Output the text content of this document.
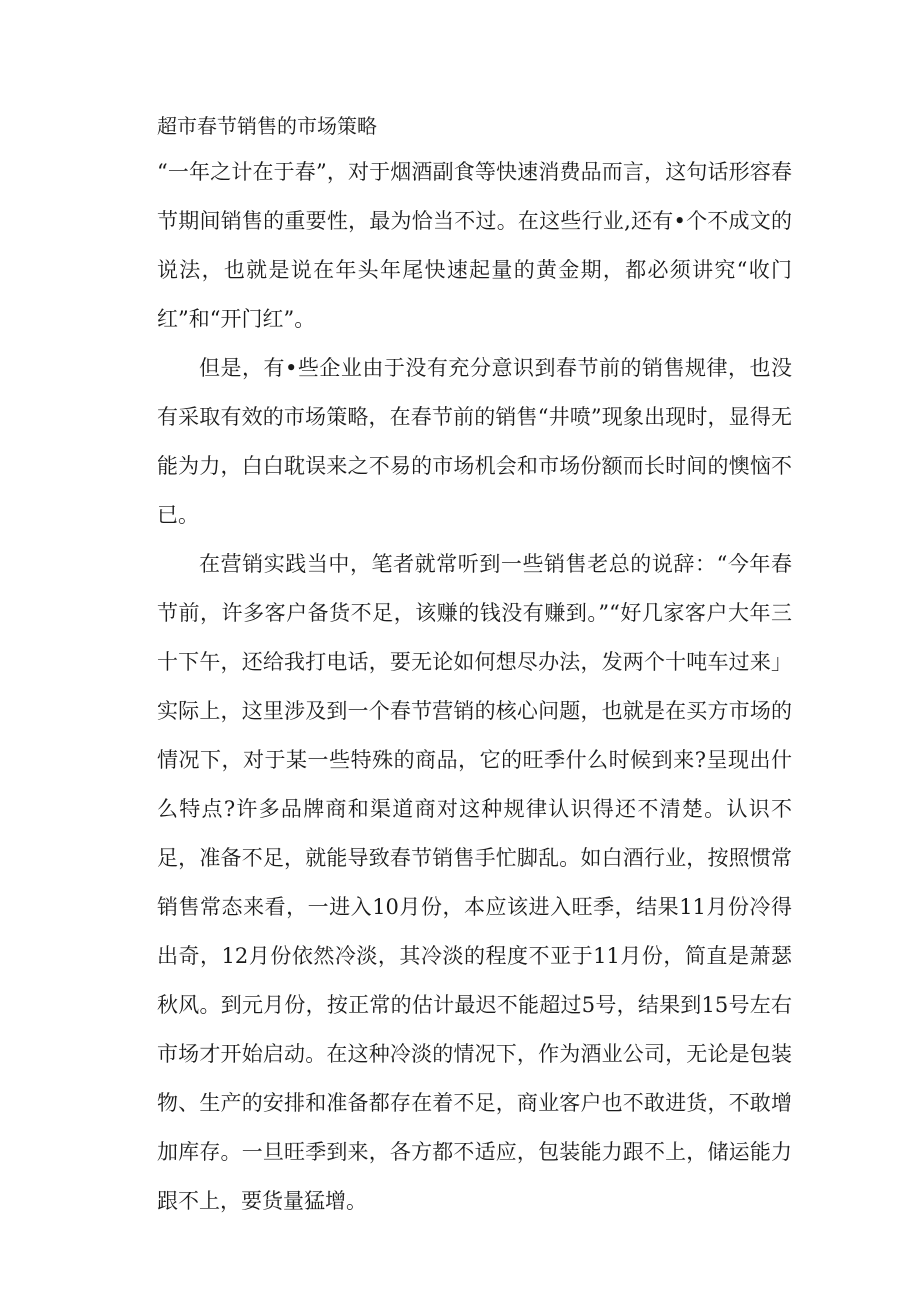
超市春节销售的市场策略

“一年之计在于春”，对于烟酒副食等快速消费品而言，这句话形容春节期间销售的重要性，最为恰当不过。在这些行业,还有•个不成文的说法，也就是说在年头年尾快速起量的黄金期，都必须讲究“收门红”和“开门红”。

但是，有•些企业由于没有充分意识到春节前的销售规律，也没有采取有效的市场策略，在春节前的销售“井喷”现象出现时，显得无能为力，白白耽误来之不易的市场机会和市场份额而长时间的懊恼不已。

在营销实践当中，笔者就常听到一些销售老总的说辞：“今年春节前，许多客户备货不足，该赚的钱没有赚到。”“好几家客户大年三十下午，还给我打电话，要无论如何想尽办法，发两个十吨车过来」实际上，这里涉及到一个春节营销的核心问题，也就是在买方市场的情况下，对于某一些特殊的商品，它的旺季什么时候到来?呈现出什么特点?许多品牌商和渠道商对这种规律认识得还不清楚。认识不足，准备不足，就能导致春节销售手忙脚乱。如白酒行业，按照惯常销售常态来看，一进入10月份，本应该进入旺季，结果11月份冷得出奇，12月份依然冷淡，其冷淡的程度不亚于11月份，简直是萧瑟秋风。到元月份，按正常的估计最迟不能超过5号，结果到15号左右市场才开始启动。在这种冷淡的情况下，作为酒业公司，无论是包装物、生产的安排和准备都存在着不足，商业客户也不敢进货，不敢增加库存。一旦旺季到来，各方都不适应，包装能力跟不上，储运能力跟不上，要货量猛增。
